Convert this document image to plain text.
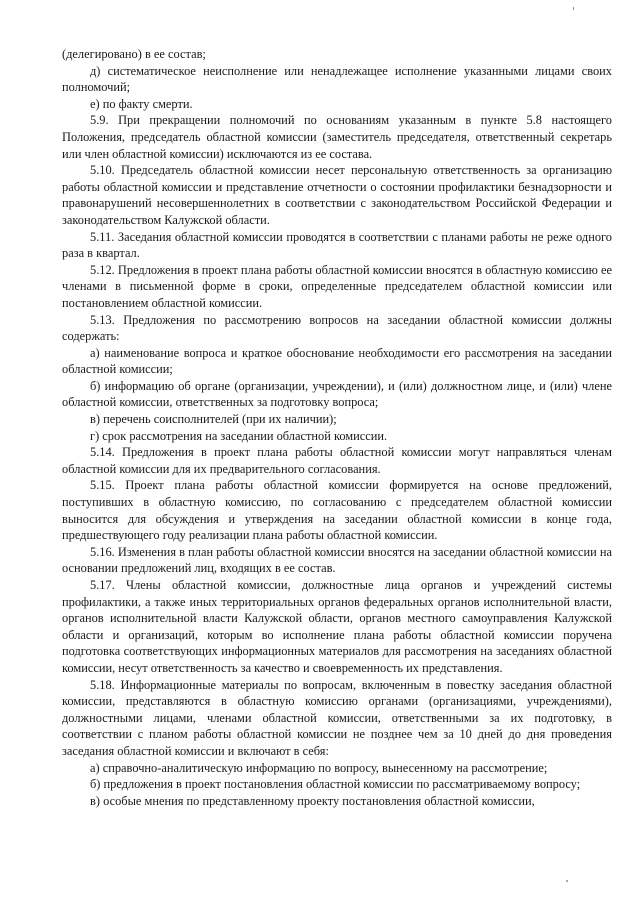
(делегировано) в ее состав;

д) систематическое неисполнение или ненадлежащее исполнение указанными лицами своих полномочий;

е) по факту смерти.

5.9. При прекращении полномочий по основаниям указанным в пункте 5.8 настоящего Положения, председатель областной комиссии (заместитель председателя, ответственный секретарь или член областной комиссии) исключаются из ее состава.

5.10. Председатель областной комиссии несет персональную ответственность за организацию работы областной комиссии и представление отчетности о состоянии профилактики безнадзорности и правонарушений несовершеннолетних в соответствии с законодательством Российской Федерации и законодательством Калужской области.

5.11. Заседания областной комиссии проводятся в соответствии с планами работы не реже одного раза в квартал.

5.12. Предложения в проект плана работы областной комиссии вносятся в областную комиссию ее членами в письменной форме в сроки, определенные председателем областной комиссии или постановлением областной комиссии.

5.13. Предложения по рассмотрению вопросов на заседании областной комиссии должны содержать:

а) наименование вопроса и краткое обоснование необходимости его рассмотрения на заседании областной комиссии;

б) информацию об органе (организации, учреждении), и (или) должностном лице, и (или) члене областной комиссии, ответственных за подготовку вопроса;

в) перечень соисполнителей (при их наличии);

г) срок рассмотрения на заседании областной комиссии.

5.14. Предложения в проект плана работы областной комиссии могут направляться членам областной комиссии для их предварительного согласования.

5.15. Проект плана работы областной комиссии формируется на основе предложений, поступивших в областную комиссию, по согласованию с председателем областной комиссии выносится для обсуждения и утверждения на заседании областной комиссии в конце года, предшествующего году реализации плана работы областной комиссии.

5.16. Изменения в план работы областной комиссии вносятся на заседании областной комиссии на основании предложений лиц, входящих в ее состав.

5.17. Члены областной комиссии, должностные лица органов и учреждений системы профилактики, а также иных территориальных органов федеральных органов исполнительной власти, органов исполнительной власти Калужской области, органов местного самоуправления Калужской области и организаций, которым во исполнение плана работы областной комиссии поручена подготовка соответствующих информационных материалов для рассмотрения на заседаниях областной комиссии, несут ответственность за качество и своевременность их представления.

5.18. Информационные материалы по вопросам, включенным в повестку заседания областной комиссии, представляются в областную комиссию органами (организациями, учреждениями), должностными лицами, членами областной комиссии, ответственными за их подготовку, в соответствии с планом работы областной комиссии не позднее чем за 10 дней до дня проведения заседания областной комиссии и включают в себя:

а) справочно-аналитическую информацию по вопросу, вынесенному на рассмотрение;

б) предложения в проект постановления областной комиссии по рассматриваемому вопросу;

в) особые мнения по представленному проекту постановления областной комиссии,
